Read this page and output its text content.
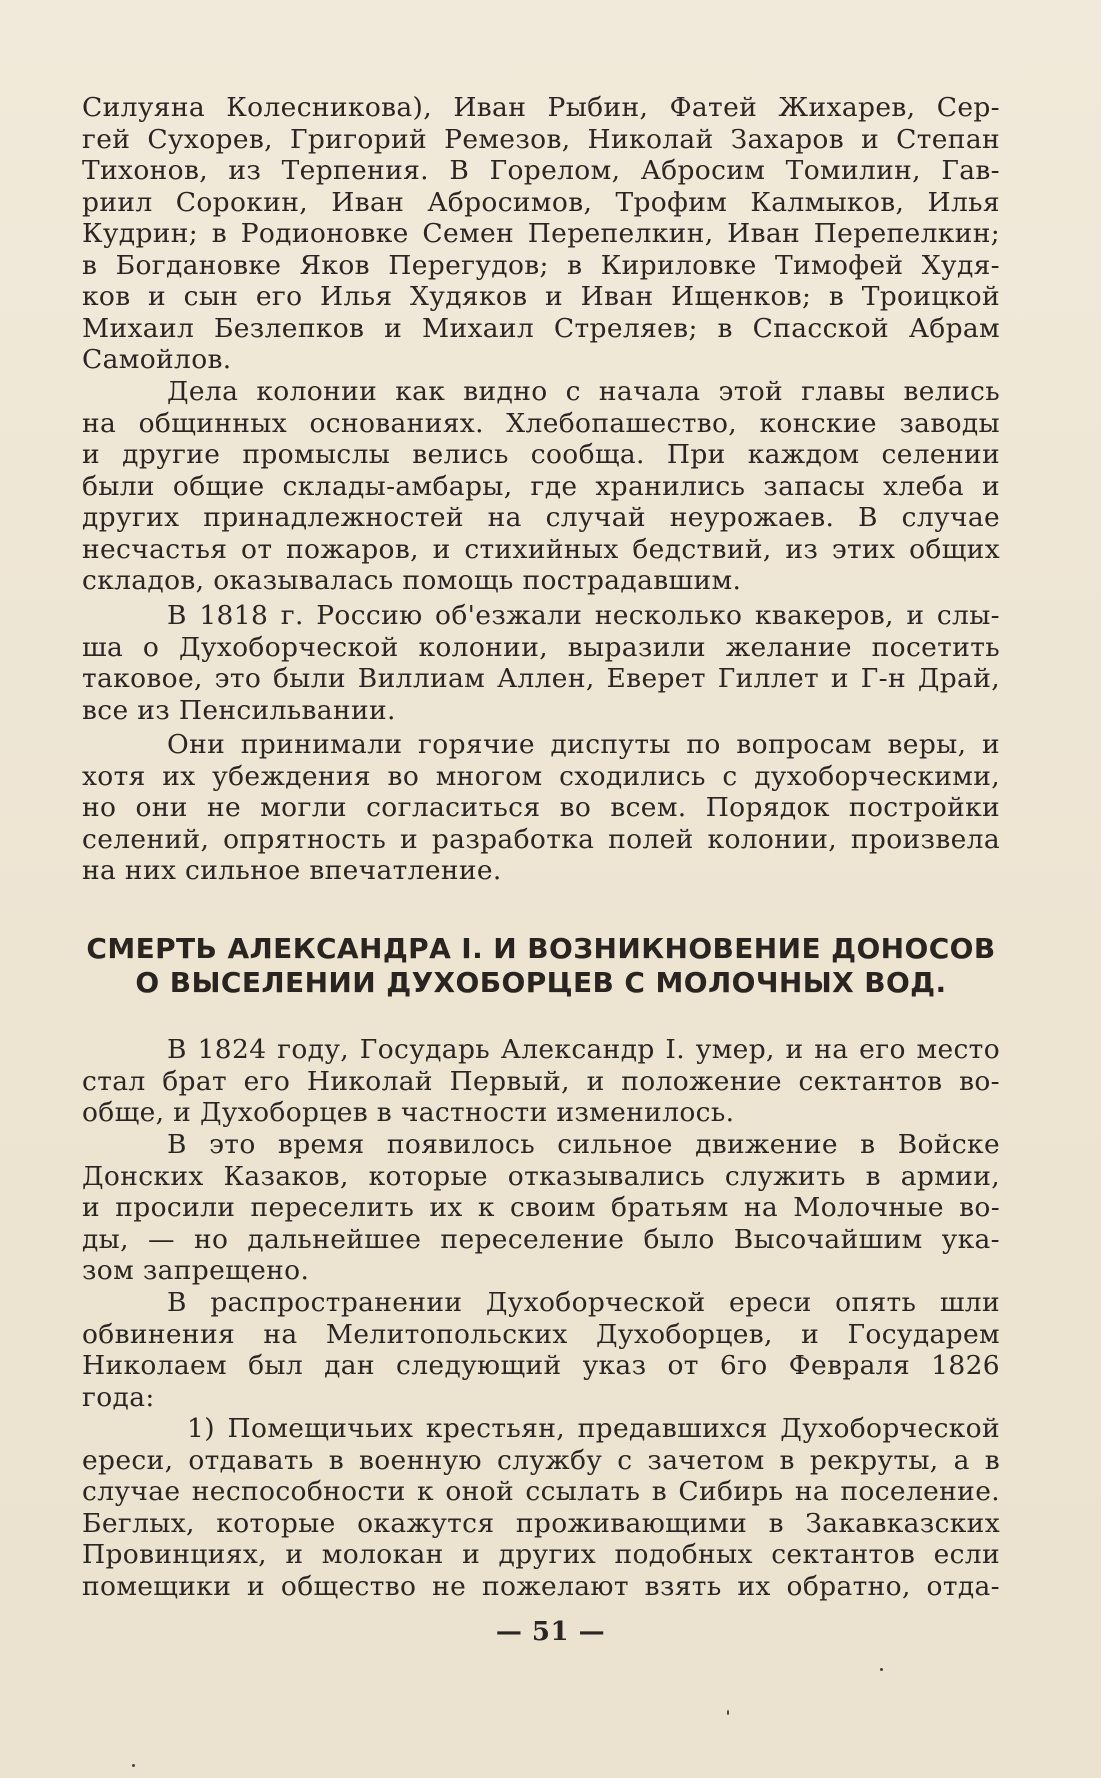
Силуяна Колесникова), Иван Рыбин, Фатей Жихарев, Сер-
гей Сухорев, Григорий Ремезов, Николай Захаров и Степан
Тихонов, из Терпения. В Горелом, Абросим Томилин, Гав-
риил Сорокин, Иван Абросимов, Трофим Калмыков, Илья
Кудрин; в Родионовке Семен Перепелкин, Иван Перепелкин;
в Богдановке Яков Перегудов; в Кириловке Тимофей Худя-
ков и сын его Илья Худяков и Иван Ищенков; в Троицкой
Михаил Безлепков и Михаил Стреляев; в Спасской Абрам
Самойлов.
Дела колонии как видно с начала этой главы велись
на общинных основаниях. Хлебопашество, конские заводы
и другие промыслы велись сообща. При каждом селении
были общие склады-амбары, где хранились запасы хлеба и
других принадлежностей на случай неурожаев. В случае
несчастья от пожаров, и стихийных бедствий, из этих общих
складов, оказывалась помощь пострадавшим.
В 1818 г. Россию об'езжали несколько квакеров, и слы-
ша о Духоборческой колонии, выразили желание посетить
таковое, это были Виллиам Аллен, Еверет Гиллет и Г-н Драй,
все из Пенсильвании.
Они принимали горячие диспуты по вопросам веры, и
хотя их убеждения во многом сходились с духоборческими,
но они не могли согласиться во всем. Порядок постройки
селений, опрятность и разработка полей колонии, произвела
на них сильное впечатление.
СМЕРТЬ АЛЕКСАНДРА I. И ВОЗНИКНОВЕНИЕ ДОНОСОВ
О ВЫСЕЛЕНИИ ДУХОБОРЦЕВ С МОЛОЧНЫХ ВОД.
В 1824 году, Государь Александр I. умер, и на его место
стал брат его Николай Первый, и положение сектантов во-
обще, и Духоборцев в частности изменилось.
В это время появилось сильное движение в Войске
Донских Казаков, которые отказывались служить в армии,
и просили переселить их к своим братьям на Молочные во-
ды, — но дальнейшее переселение было Высочайшим ука-
зом запрещено.
В распространении Духоборческой ереси опять шли
обвинения на Мелитопольских Духоборцев, и Государем
Николаем был дан следующий указ от 6го Февраля 1826
года:
1) Помещичьих крестьян, предавшихся Духоборческой
ереси, отдавать в военную службу с зачетом в рекруты, а в
случае неспособности к оной ссылать в Сибирь на поселение.
Беглых, которые окажутся проживающими в Закавказских
Провинциях, и молокан и других подобных сектантов если
помещики и общество не пожелают взять их обратно, отда-
— 51 —
